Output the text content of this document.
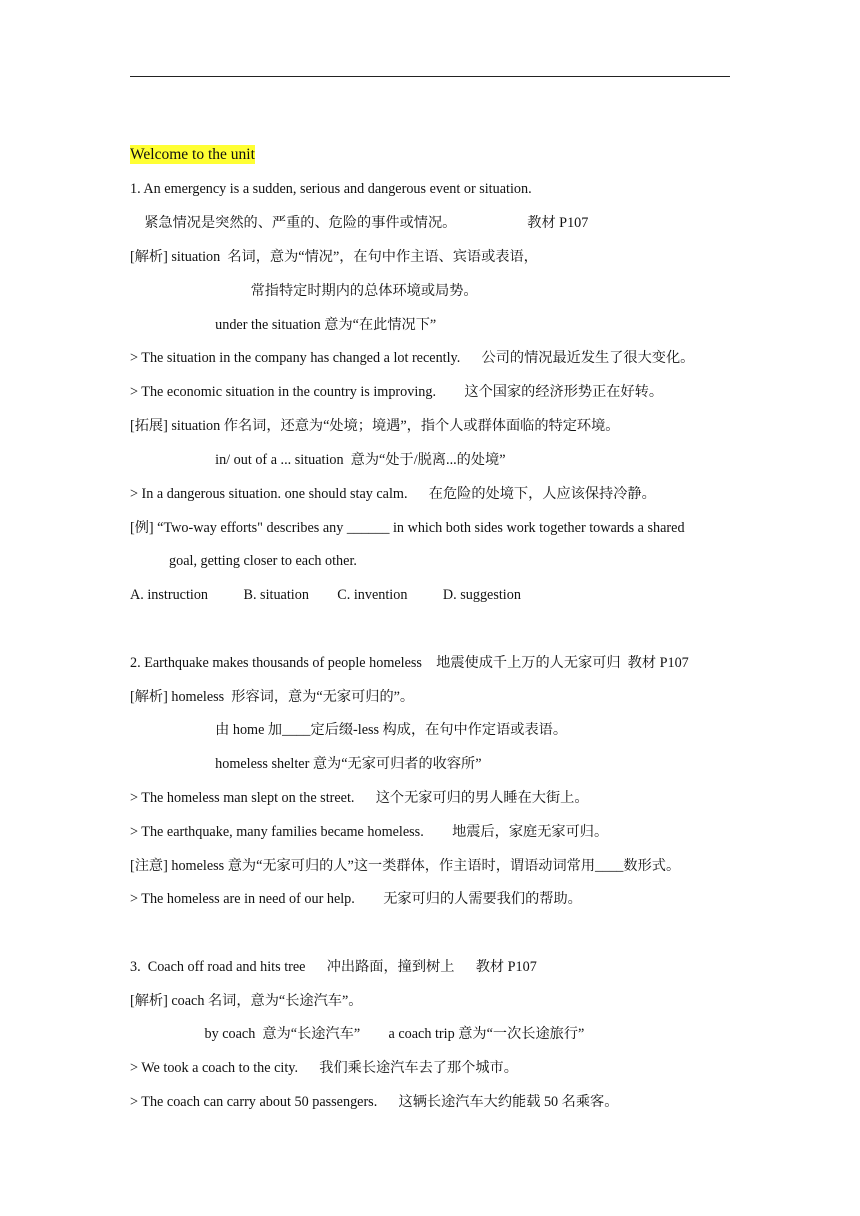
Welcome to the unit
1. An emergency is a sudden, serious and dangerous event or situation.
紧急情况是突然的、严重的、危险的事件或情况。                    教材 P107
[解析] situation  名词，意为“情况”，在句中作主语、宾语或表语，
常指特定时期内的总体环境或局势。
under the situation 意为“在此情况下”
> The situation in the company has changed a lot recently.      公司的情况最近发生了很大变化。
> The economic situation in the country is improving.        这个国家的经济形势正在好转。
[拓展] situation 作名词，还意为“处境；境遇”，指个人或群体面临的特定环境。
in/ out of a ... situation  意为“处于/脱离...的处境”
> In a dangerous situation. one should stay calm.      在危险的处境下，人应该保持冷静。
[例] “Two-way efforts" describes any ______ in which both sides work together towards a shared
goal, getting closer to each other.
A. instruction          B. situation        C. invention          D. suggestion
2. Earthquake makes thousands of people homeless    地震使成千上万的人无家可归  教材 P107
[解析] homeless  形容词，意为“无家可归的”。
由 home 加____定后缀-less 构成，在句中作定语或表语。
homeless shelter 意为“无家可归者的收容所”
> The homeless man slept on the street.      这个无家可归的男人睡在大街上。
> The earthquake, many families became homeless.        地震后，家庭无家可归。
[注意] homeless 意为“无家可归的人”这一类群体，作主语时，谓语动词常用____数形式。
> The homeless are in need of our help.        无家可归的人需要我们的帮助。
3.  Coach off road and hits tree      冲出路面，撞到树上      教材 P107
[解析] coach 名词，意为“长途汽车”。
by coach  意为“长途汽车”        a coach trip 意为“一次长途旅行”
> We took a coach to the city.      我们乘长途汽车去了那个城市。
> The coach can carry about 50 passengers.      这辆长途汽车大约能载 50 名乘客。
